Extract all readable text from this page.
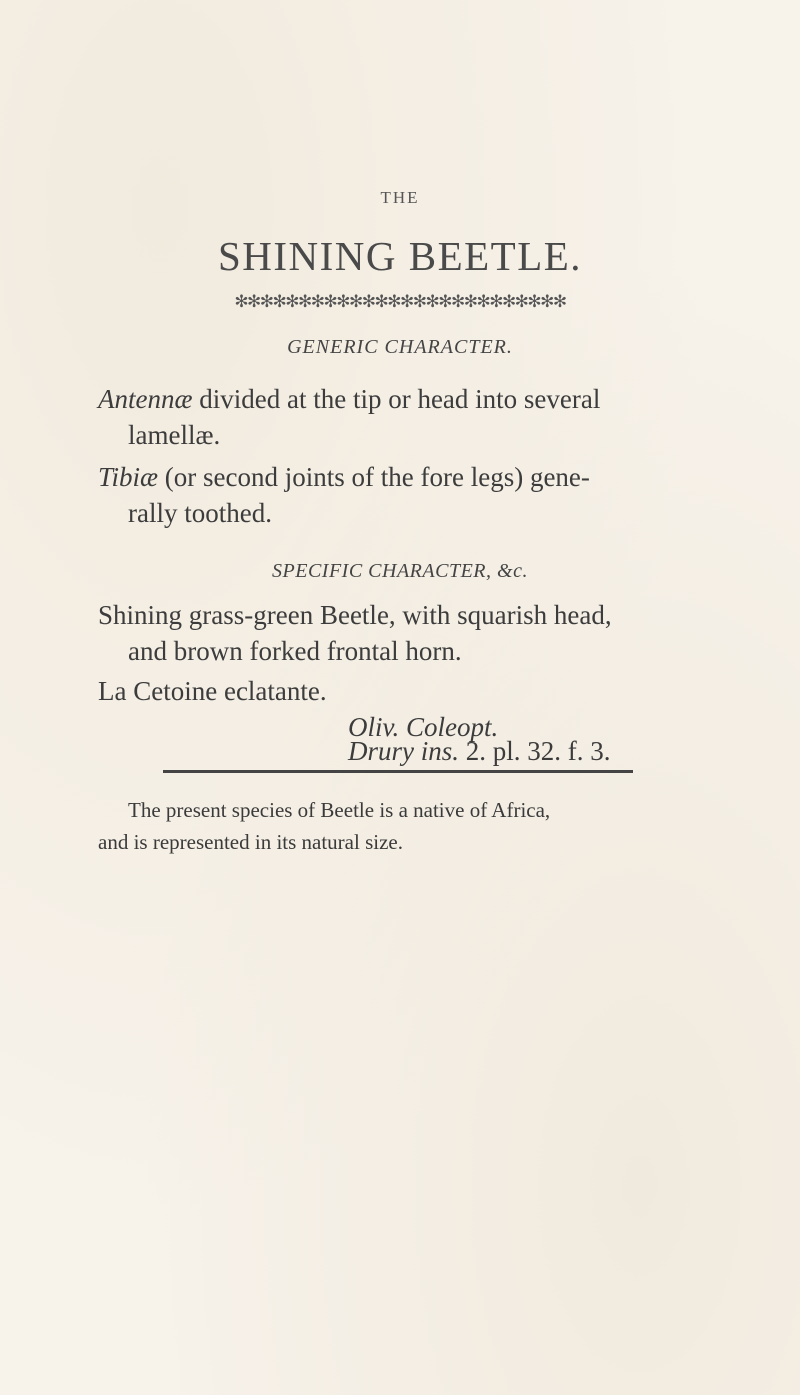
THE

SHINING BEETLE.

✻✻✻✻✻✻✻✻✻✻✻✻✻✻✻✻✻✻✻✻✻✻✻✻✻✻

GENERIC CHARACTER.

Antennæ divided at the tip or head into several

lamellæ.

Tibiæ (or second joints of the fore legs) gene-

rally toothed.

SPECIFIC CHARACTER, &c.

Shining grass-green Beetle, with squarish head,

and brown forked frontal horn.

La Cetoine eclatante.

Oliv. Coleopt.

Drury ins. 2. pl. 32. f. 3.

The present species of Beetle is a native of Africa,

and is represented in its natural size.
